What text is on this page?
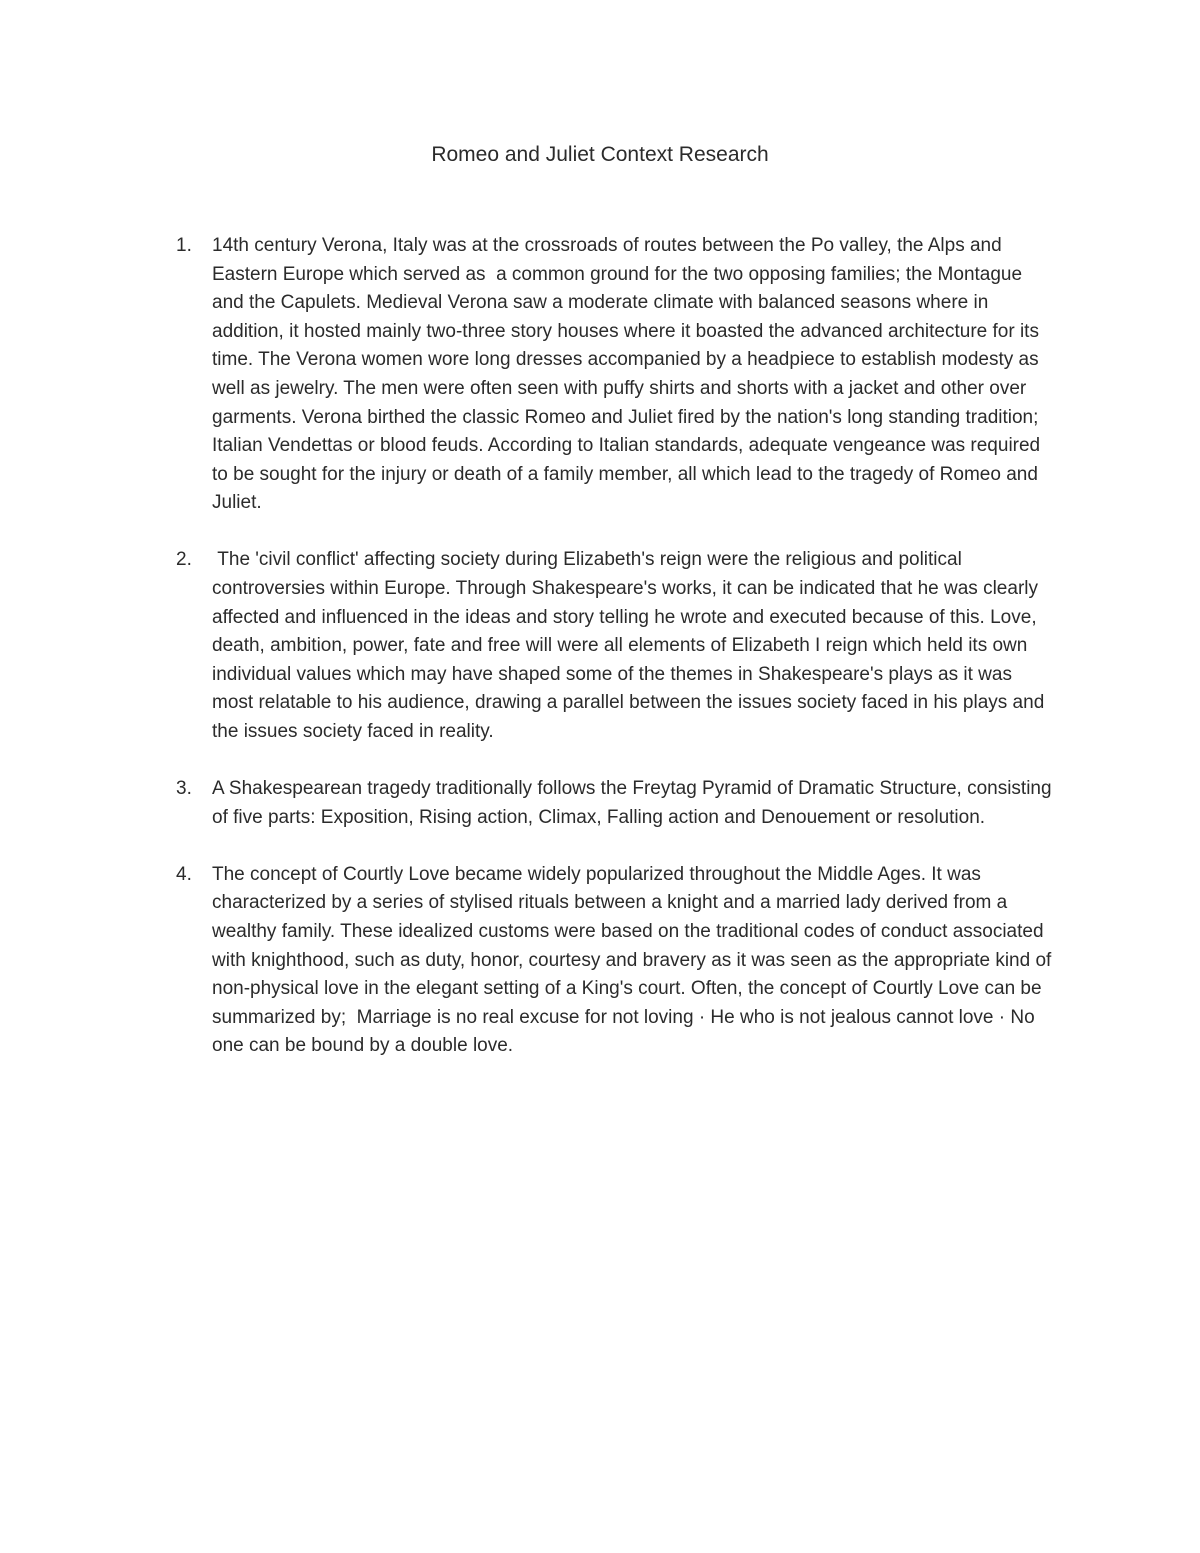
Romeo and Juliet Context Research
1. 14th century Verona, Italy was at the crossroads of routes between the Po valley, the Alps and Eastern Europe which served as  a common ground for the two opposing families; the Montague and the Capulets. Medieval Verona saw a moderate climate with balanced seasons where in addition, it hosted mainly two-three story houses where it boasted the advanced architecture for its time. The Verona women wore long dresses accompanied by a headpiece to establish modesty as well as jewelry. The men were often seen with puffy shirts and shorts with a jacket and other over garments. Verona birthed the classic Romeo and Juliet fired by the nation's long standing tradition; Italian Vendettas or blood feuds. According to Italian standards, adequate vengeance was required to be sought for the injury or death of a family member, all which lead to the tragedy of Romeo and Juliet.
2. The 'civil conflict' affecting society during Elizabeth's reign were the religious and political controversies within Europe. Through Shakespeare's works, it can be indicated that he was clearly affected and influenced in the ideas and story telling he wrote and executed because of this. Love, death, ambition, power, fate and free will were all elements of Elizabeth I reign which held its own individual values which may have shaped some of the themes in Shakespeare's plays as it was most relatable to his audience, drawing a parallel between the issues society faced in his plays and the issues society faced in reality.
3. A Shakespearean tragedy traditionally follows the Freytag Pyramid of Dramatic Structure, consisting of five parts: Exposition, Rising action, Climax, Falling action and Denouement or resolution.
4. The concept of Courtly Love became widely popularized throughout the Middle Ages. It was characterized by a series of stylised rituals between a knight and a married lady derived from a wealthy family. These idealized customs were based on the traditional codes of conduct associated with knighthood, such as duty, honor, courtesy and bravery as it was seen as the appropriate kind of non-physical love in the elegant setting of a King's court. Often, the concept of Courtly Love can be summarized by;  Marriage is no real excuse for not loving · He who is not jealous cannot love · No one can be bound by a double love.
